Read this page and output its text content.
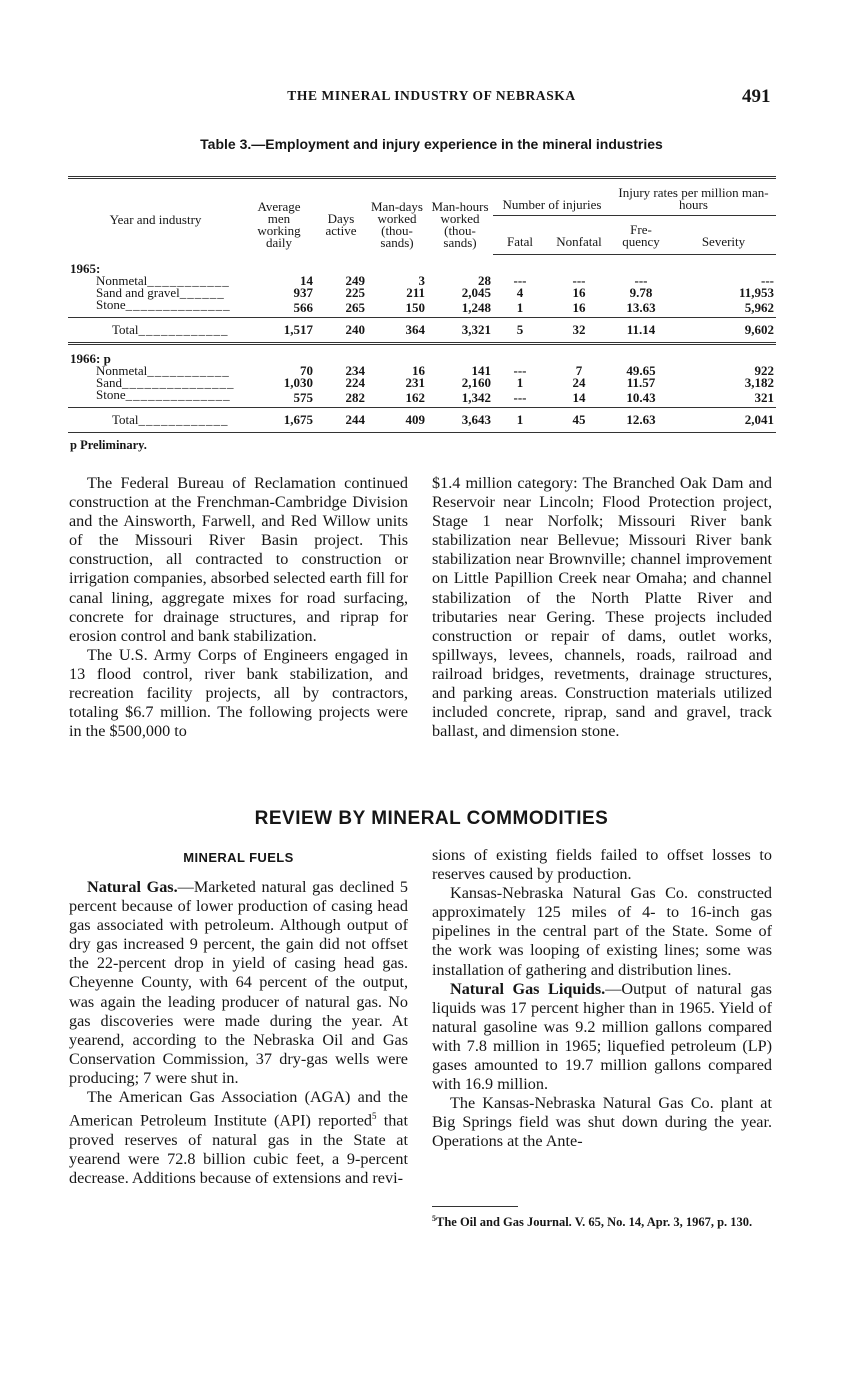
THE MINERAL INDUSTRY OF NEBRASKA	491
Table 3.—Employment and injury experience in the mineral industries
Year and industry	Average men working daily	Days active	Man-days worked (thou-sands)	Man-hours worked (thou-sands)	Number of injuries		Injury rates per million man-hours	
					Fatal	Nonfatal	Fre-quency	Severity
1965:								
Nonmetal___________	14	249	3	28	---	---	---	---
Sand and gravel______	937	225	211	2,045	4	16	9.78	11,953
Stone______________	566	265	150	1,248	1	16	13.63	5,962
Total____________	1,517	240	364	3,321	5	32	11.14	9,602
1966: p								
Nonmetal___________	70	234	16	141	---	7	49.65	922
Sand_______________	1,030	224	231	2,160	1	24	11.57	3,182
Stone______________	575	282	162	1,342	---	14	10.43	321
Total____________	1,675	244	409	3,643	1	45	12.63	2,041
p Preliminary.

The Federal Bureau of Reclamation continued construction at the Frenchman-Cambridge Division and the Ainsworth, Farwell, and Red Willow units of the Missouri River Basin project. This construction, all contracted to construction or irrigation companies, absorbed selected earth fill for canal lining, aggregate mixes for road surfacing, concrete for drainage structures, and riprap for erosion control and bank stabilization.

The U.S. Army Corps of Engineers engaged in 13 flood control, river bank stabilization, and recreation facility projects, all by contractors, totaling $6.7 million. The following projects were in the $500,000 to

$1.4 million category: The Branched Oak Dam and Reservoir near Lincoln; Flood Protection project, Stage 1 near Norfolk; Missouri River bank stabilization near Bellevue; Missouri River bank stabilization near Brownville; channel improvement on Little Papillion Creek near Omaha; and channel stabilization of the North Platte River and tributaries near Gering. These projects included construction or repair of dams, outlet works, spillways, levees, channels, roads, railroad and railroad bridges, revetments, drainage structures, and parking areas. Construction materials utilized included concrete, riprap, sand and gravel, track ballast, and dimension stone.

REVIEW BY MINERAL COMMODITIES
MINERAL FUELS

Natural Gas.—Marketed natural gas declined 5 percent because of lower production of casing head gas associated with petroleum. Although output of dry gas increased 9 percent, the gain did not offset the 22-percent drop in yield of casing head gas. Cheyenne County, with 64 percent of the output, was again the leading producer of natural gas. No gas discoveries were made during the year. At yearend, according to the Nebraska Oil and Gas Conservation Commission, 37 dry-gas wells were producing; 7 were shut in.

The American Gas Association (AGA) and the American Petroleum Institute (API) reported$^5$ that proved reserves of natural gas in the State at yearend were 72.8 billion cubic feet, a 9-percent decrease. Additions because of extensions and revi-

sions of existing fields failed to offset losses to reserves caused by production.

Kansas-Nebraska Natural Gas Co. constructed approximately 125 miles of 4- to 16-inch gas pipelines in the central part of the State. Some of the work was looping of existing lines; some was installation of gathering and distribution lines.

Natural Gas Liquids.—Output of natural gas liquids was 17 percent higher than in 1965. Yield of natural gasoline was 9.2 million gallons compared with 7.8 million in 1965; liquefied petroleum (LP) gases amounted to 19.7 million gallons compared with 16.9 million.

The Kansas-Nebraska Natural Gas Co. plant at Big Springs field was shut down during the year. Operations at the Ante-

$^5$The Oil and Gas Journal. V. 65, No. 14, Apr. 3, 1967, p. 130.
